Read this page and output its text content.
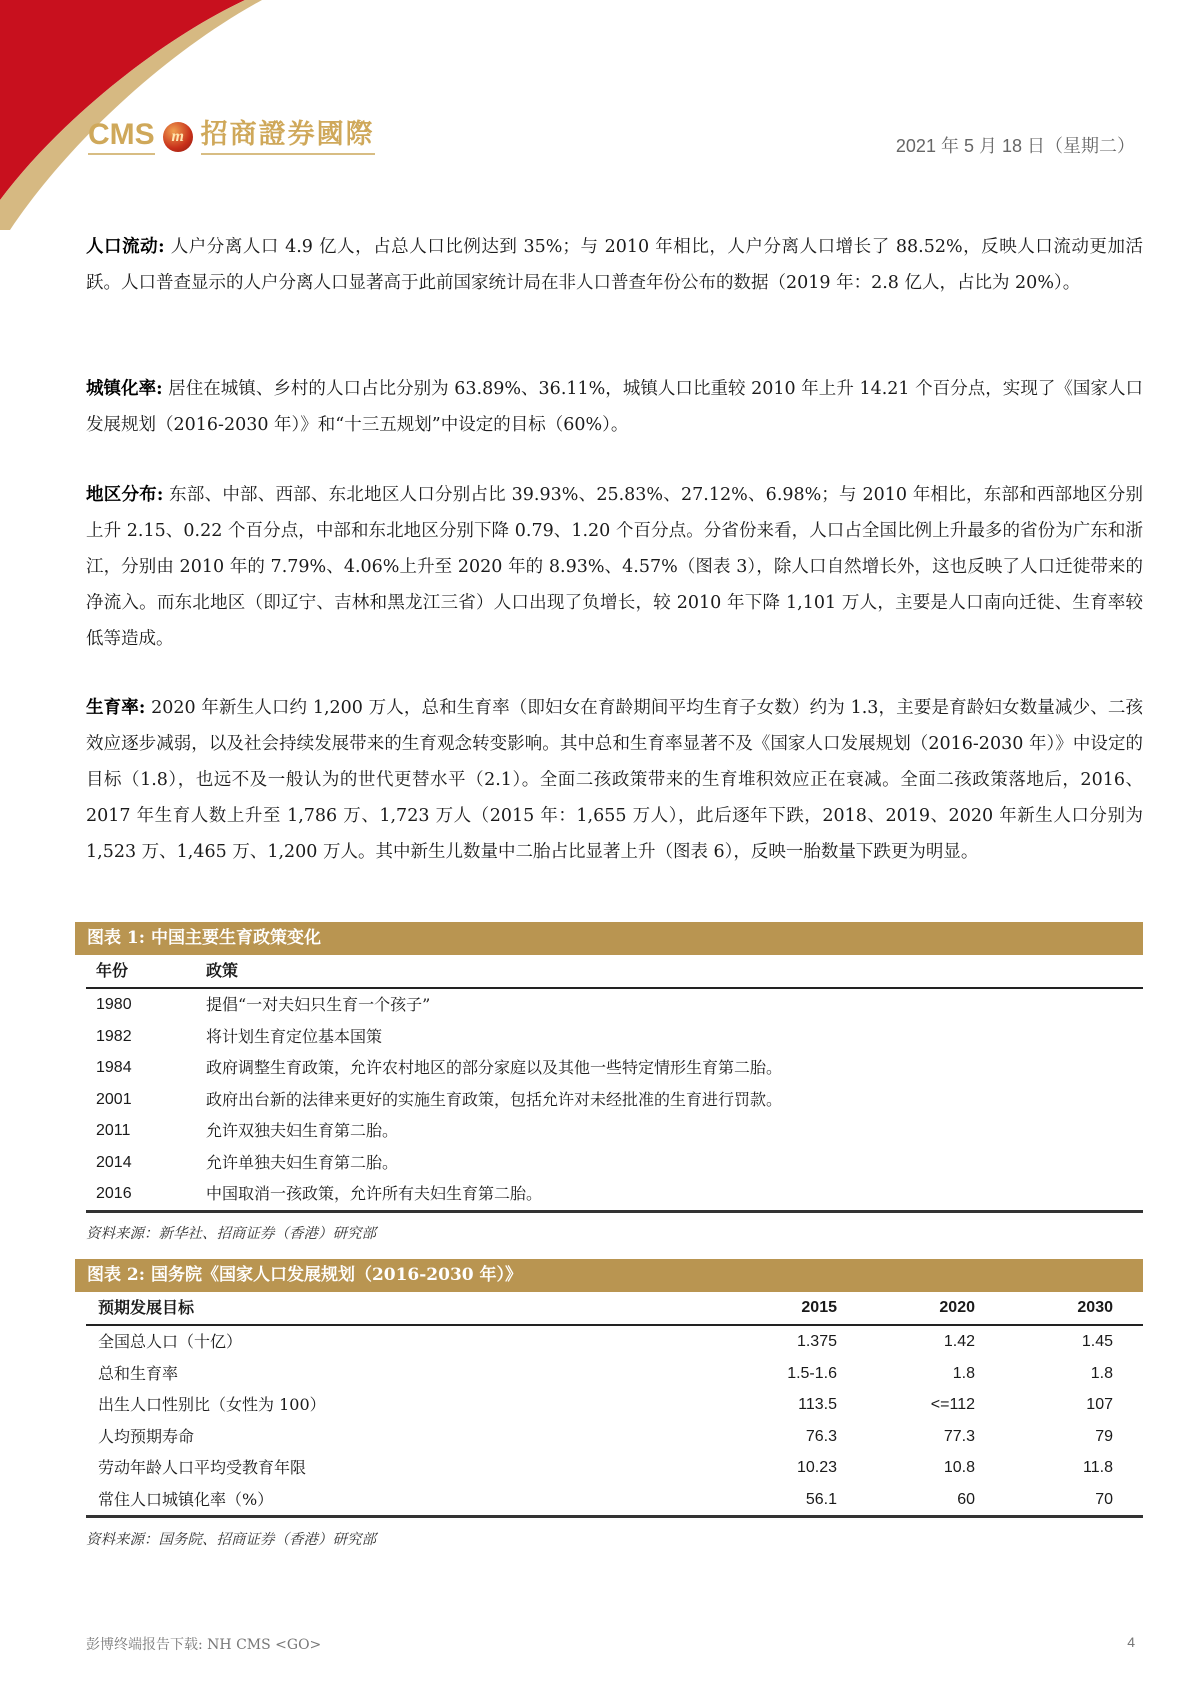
CMS	m 招商證券國際	2021 年 5 月 18 日（星期二）
人口流动: 人户分离人口 4.9 亿人，占总人口比例达到 35%；与 2010 年相比，人户分离人口增长了 88.52%，反映人口流动更加活跃。人口普查显示的人户分离人口显著高于此前国家统计局在非人口普查年份公布的数据（2019 年：2.8 亿人，占比为 20%）。
城镇化率: 居住在城镇、乡村的人口占比分别为 63.89%、36.11%，城镇人口比重较 2010 年上升 14.21 个百分点，实现了《国家人口发展规划（2016-2030 年）》和“十三五规划”中设定的目标（60%）。
地区分布: 东部、中部、西部、东北地区人口分别占比 39.93%、25.83%、27.12%、6.98%；与 2010 年相比，东部和西部地区分别上升 2.15、0.22 个百分点，中部和东北地区分别下降 0.79、1.20 个百分点。分省份来看，人口占全国比例上升最多的省份为广东和浙江，分别由 2010 年的 7.79%、4.06%上升至 2020 年的 8.93%、4.57%（图表 3），除人口自然增长外，这也反映了人口迁徙带来的净流入。而东北地区（即辽宁、吉林和黑龙江三省）人口出现了负增长，较 2010 年下降 1,101 万人，主要是人口南向迁徙、生育率较低等造成。
生育率: 2020 年新生人口约 1,200 万人，总和生育率（即妇女在育龄期间平均生育子女数）约为 1.3，主要是育龄妇女数量减少、二孩效应逐步减弱，以及社会持续发展带来的生育观念转变影响。其中总和生育率显著不及《国家人口发展规划（2016-2030 年）》中设定的目标（1.8），也远不及一般认为的世代更替水平（2.1）。全面二孩政策带来的生育堆积效应正在衰减。全面二孩政策落地后，2016、2017 年生育人数上升至 1,786 万、1,723 万人（2015 年：1,655 万人），此后逐年下跌，2018、2019、2020 年新生人口分别为 1,523 万、1,465 万、1,200 万人。其中新生儿数量中二胎占比显著上升（图表 6），反映一胎数量下跌更为明显。
图表 1: 中国主要生育政策变化
年份	政策
1980	提倡“一对夫妇只生育一个孩子”
1982	将计划生育定位基本国策
1984	政府调整生育政策，允许农村地区的部分家庭以及其他一些特定情形生育第二胎。
2001	政府出台新的法律来更好的实施生育政策，包括允许对未经批准的生育进行罚款。
2011	允许双独夫妇生育第二胎。
2014	允许单独夫妇生育第二胎。
2016	中国取消一孩政策，允许所有夫妇生育第二胎。
资料来源：新华社、招商证券（香港）研究部
图表 2: 国务院《国家人口发展规划（2016-2030 年）》
预期发展目标	2015	2020	2030
全国总人口（十亿）	1.375	1.42	1.45
总和生育率	1.5-1.6	1.8	1.8
出生人口性别比（女性为 100）	113.5	<=112	107
人均预期寿命	76.3	77.3	79
劳动年龄人口平均受教育年限	10.23	10.8	11.8
常住人口城镇化率（%）	56.1	60	70
资料来源：国务院、招商证券（香港）研究部
彭博终端报告下载: NH CMS <GO>	4
